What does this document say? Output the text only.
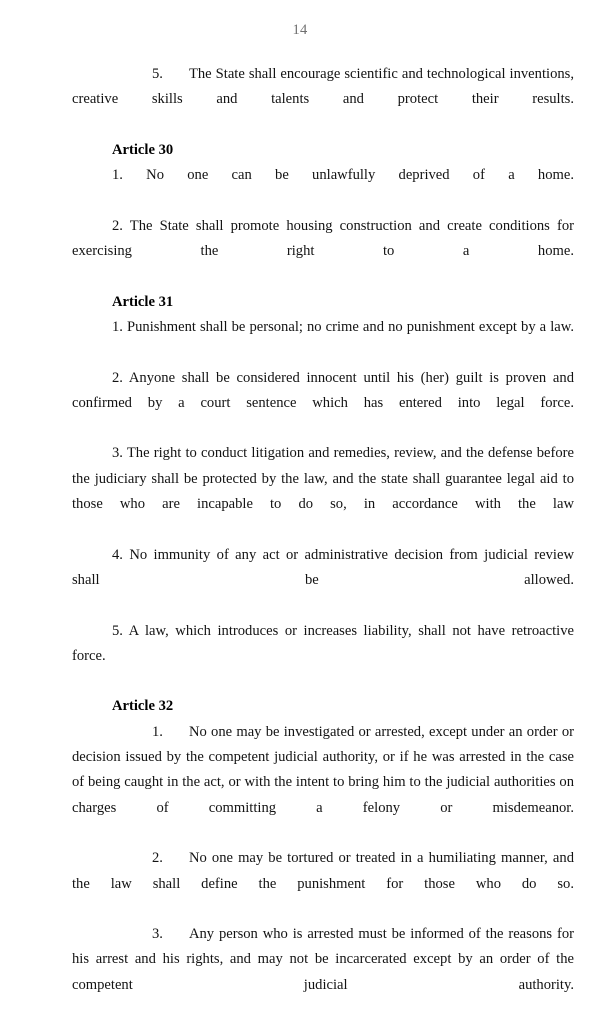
14

5. The State shall encourage scientific and technological inventions, creative skills and talents and protect their results.

Article 30

1. No one can be unlawfully deprived of a home.

2. The State shall promote housing construction and create conditions for exercising the right to a home.

Article 31

1. Punishment shall be personal; no crime and no punishment except by a law.

2. Anyone shall be considered innocent until his (her) guilt is proven and confirmed by a court sentence which has entered into legal force.

3. The right to conduct litigation and remedies, review, and the defense before the judiciary shall be protected by the law, and the state shall guarantee legal aid to those who are incapable to do so, in accordance with the law

4. No immunity of any act or administrative decision from judicial review shall be allowed.

5. A law, which introduces or increases liability, shall not have retroactive force.

Article 32

1. No one may be investigated or arrested, except under an order or decision issued by the competent judicial authority, or if he was arrested in the case of being caught in the act, or with the intent to bring him to the judicial authorities on charges of committing a felony or misdemeanor.

2. No one may be tortured or treated in a humiliating manner, and the law shall define the punishment for those who do so.

3. Any person who is arrested must be informed of the reasons for his arrest and his rights, and may not be incarcerated except by an order of the competent judicial authority.
